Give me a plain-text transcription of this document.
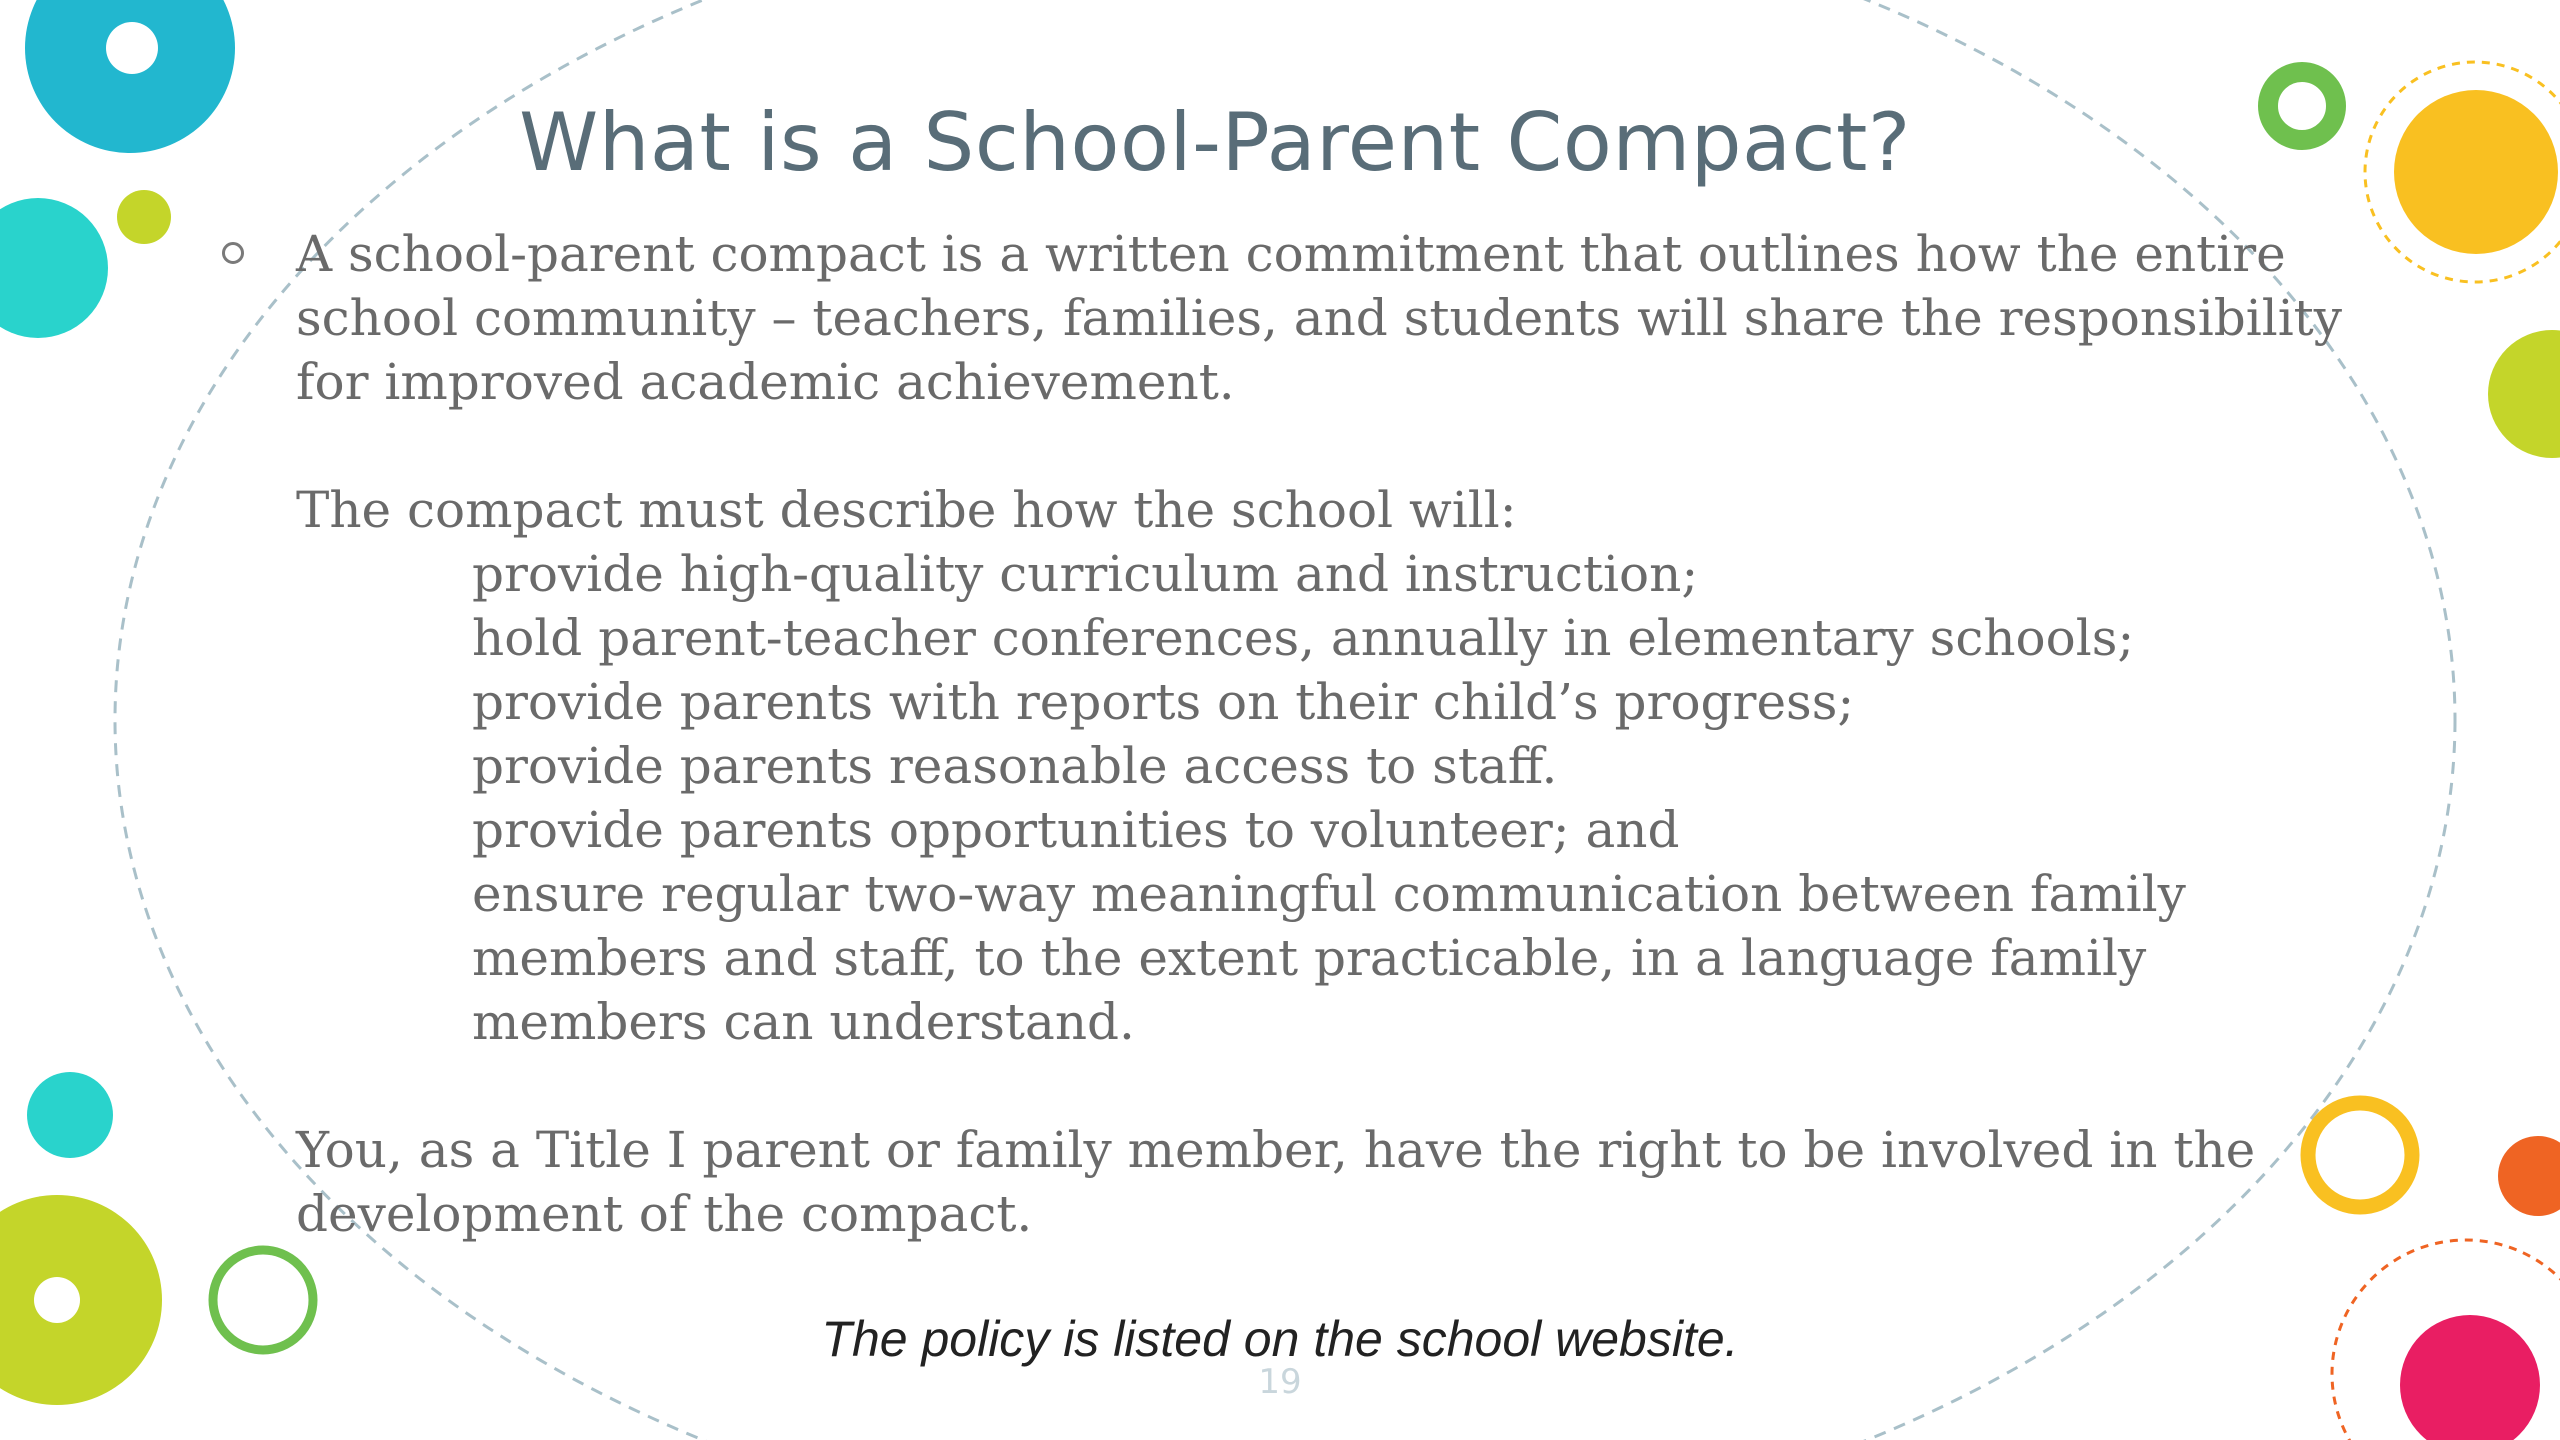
What is a School-Parent Compact?

A school-parent compact is a written commitment that outlines how the entire school community – teachers, families, and students will share the responsibility for improved academic achievement.

The compact must describe how the school will:

provide high-quality curriculum and instruction;
hold parent-teacher conferences, annually in elementary schools;
provide parents with reports on their child’s progress;
provide parents reasonable access to staff.
provide parents opportunities to volunteer; and
ensure regular two-way meaningful communication between family members and staff, to the extent practicable, in a language family members can understand.

You, as a Title I parent or family member, have the right to be involved in the development of the compact.

The policy is listed on the school website.
19
